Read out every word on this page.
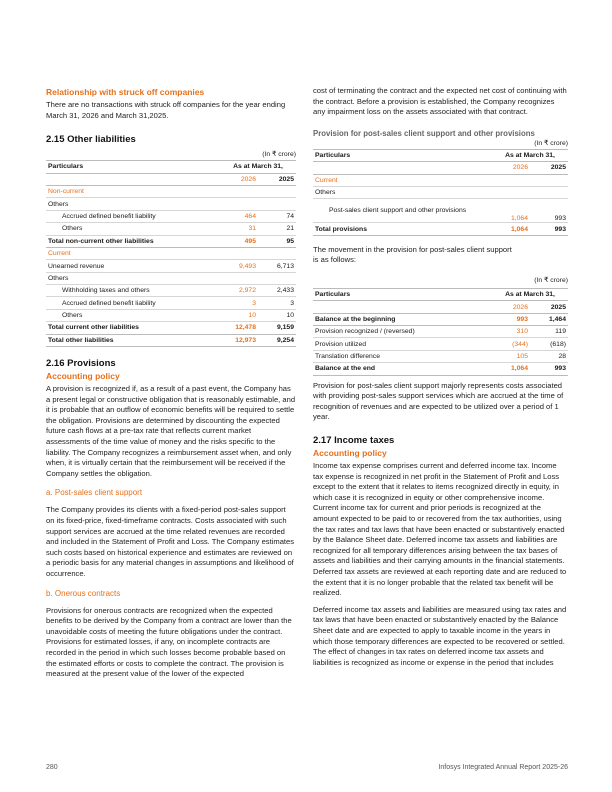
Relationship with struck off companies
There are no transactions with struck off companies for the year ending March 31, 2026 and March 31,2025.
2.15 Other liabilities
(In ₹ crore)
Particulars	As at March 31,	
	2026	2025
Non-current		
Others		
Accrued defined benefit liability	464	74
Others	31	21
Total non-current other liabilities	495	95
Current		
Unearned revenue	9,493	6,713
Others		
Withholding taxes and others	2,972	2,433
Accrued defined benefit liability	3	3
Others	10	10
Total current other liabilities	12,478	9,159
Total other liabilities	12,973	9,254
2.16 Provisions
Accounting policy
A provision is recognized if, as a result of a past event, the Company has a present legal or constructive obligation that is reasonably estimable, and it is probable that an outflow of economic benefits will be required to settle the obligation. Provisions are determined by discounting the expected future cash flows at a pre-tax rate that reflects current market assessments of the time value of money and the risks specific to the liability. The Company recognizes a reimbursement asset when, and only when, it is virtually certain that the reimbursement will be received if the Company settles the obligation.
a. Post-sales client support
The Company provides its clients with a fixed-period post-sales support on its fixed-price, fixed-timeframe contracts. Costs associated with such support services are accrued at the time related revenues are recorded and included in the Statement of Profit and Loss. The Company estimates such costs based on historical experience and estimates are reviewed on a periodic basis for any material changes in assumptions and likelihood of occurrence.
b. Onerous contracts
Provisions for onerous contracts are recognized when the expected benefits to be derived by the Company from a contract are lower than the unavoidable costs of meeting the future obligations under the contract. Provisions for estimated losses, if any, on incomplete contracts are recorded in the period in which such losses become probable based on the estimated efforts or costs to complete the contract. The provision is measured at the present value of the lower of the expected
cost of terminating the contract and the expected net cost of continuing with the contract. Before a provision is established, the Company recognizes any impairment loss on the assets associated with that contract.
Provision for post-sales client support and other provisions
(In ₹ crore)
Particulars	As at March 31,	
	2026	2025
Current		
Others		
Post-sales client support and other provisions	1,064	993
Total provisions	1,064	993
The movement in the provision for post-sales client support is as follows:
(In ₹ crore)
Particulars	As at March 31,	
	2026	2025
Balance at the beginning	993	1,464
Provision recognized / (reversed)	310	119
Provision utilized	(344)	(618)
Translation difference	105	28
Balance at the end	1,064	993
Provision for post-sales client support majorly represents costs associated with providing post-sales support services which are accrued at the time of recognition of revenues and are expected to be utilized over a period of 1 year.
2.17 Income taxes
Accounting policy
Income tax expense comprises current and deferred income tax. Income tax expense is recognized in net profit in the Statement of Profit and Loss except to the extent that it relates to items recognized directly in equity, in which case it is recognized in equity or other comprehensive income. Current income tax for current and prior periods is recognized at the amount expected to be paid to or recovered from the tax authorities, using the tax rates and tax laws that have been enacted or substantively enacted by the Balance Sheet date. Deferred income tax assets and liabilities are recognized for all temporary differences arising between the tax bases of assets and liabilities and their carrying amounts in the financial statements. Deferred tax assets are reviewed at each reporting date and are reduced to the extent that it is no longer probable that the related tax benefit will be realized.
Deferred income tax assets and liabilities are measured using tax rates and tax laws that have been enacted or substantively enacted by the Balance Sheet date and are expected to apply to taxable income in the years in which those temporary differences are expected to be recovered or settled. The effect of changes in tax rates on deferred income tax assets and liabilities is recognized as income or expense in the period that includes
280	Infosys Integrated Annual Report 2025-26
